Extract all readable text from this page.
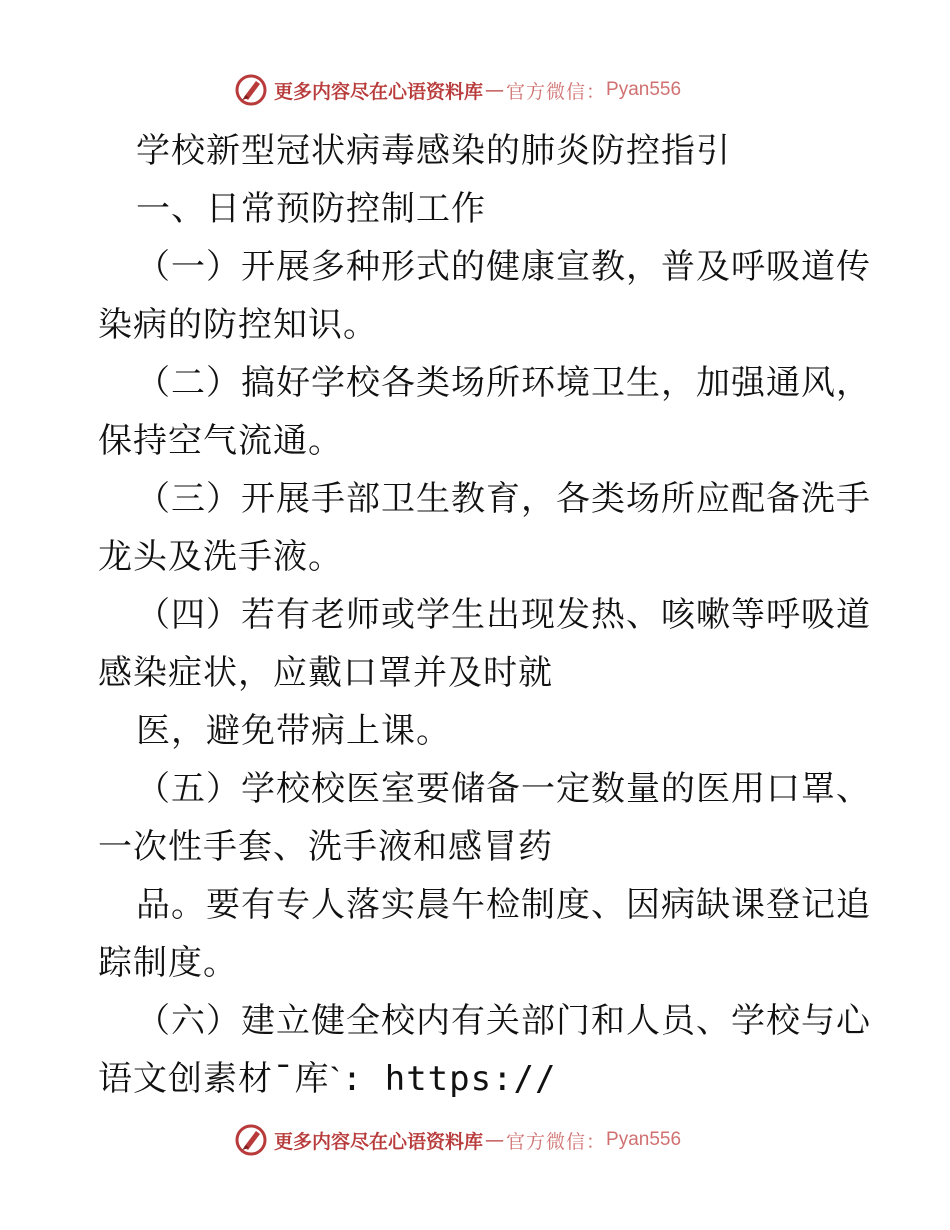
更多内容尽在心语资料库 — 官方微信： Pyan556
学校新型冠状病毒感染的肺炎防控指引
一、日常预防控制工作
（一）开展多种形式的健康宣教，普及呼吸道传
染病的防控知识。
（二）搞好学校各类场所环境卫生，加强通风，
保持空气流通。
（三）开展手部卫生教育，各类场所应配备洗手
龙头及洗手液。
（四）若有老师或学生出现发热、咳嗽等呼吸道
感染症状，应戴口罩并及时就
医，避免带病上课。
（五）学校校医室要储备一定数量的医用口罩、
一次性手套、洗手液和感冒药
品。要有专人落实晨午检制度、因病缺课登记追
踪制度。
（六）建立健全校内有关部门和人员、学校与心
语文创素材¯库ˋ: https://
更多内容尽在心语资料库 — 官方微信： Pyan556
